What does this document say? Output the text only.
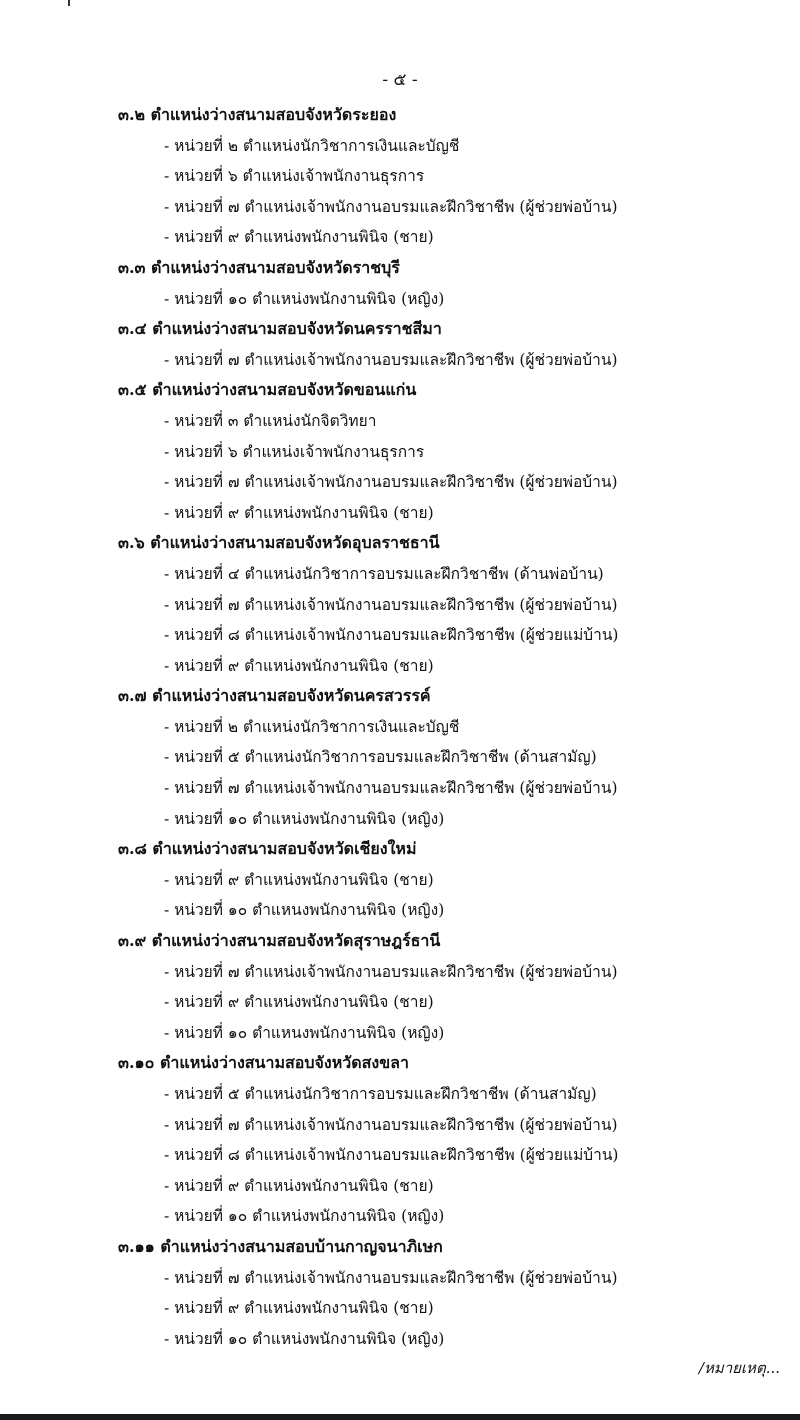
- ๕ -
๓.๒ ตำแหน่งว่างสนามสอบจังหวัดระยอง
- หน่วยที่ ๒ ตำแหน่งนักวิชาการเงินและบัญชี
- หน่วยที่ ๖ ตำแหน่งเจ้าพนักงานธุรการ
- หน่วยที่ ๗ ตำแหน่งเจ้าพนักงานอบรมและฝึกวิชาชีพ (ผู้ช่วยพ่อบ้าน)
- หน่วยที่ ๙ ตำแหน่งพนักงานพินิจ (ชาย)
๓.๓ ตำแหน่งว่างสนามสอบจังหวัดราชบุรี
- หน่วยที่ ๑๐ ตำแหน่งพนักงานพินิจ (หญิง)
๓.๔ ตำแหน่งว่างสนามสอบจังหวัดนครราชสีมา
- หน่วยที่ ๗ ตำแหน่งเจ้าพนักงานอบรมและฝึกวิชาชีพ (ผู้ช่วยพ่อบ้าน)
๓.๕ ตำแหน่งว่างสนามสอบจังหวัดขอนแก่น
- หน่วยที่ ๓ ตำแหน่งนักจิตวิทยา
- หน่วยที่ ๖ ตำแหน่งเจ้าพนักงานธุรการ
- หน่วยที่ ๗ ตำแหน่งเจ้าพนักงานอบรมและฝึกวิชาชีพ (ผู้ช่วยพ่อบ้าน)
- หน่วยที่ ๙ ตำแหน่งพนักงานพินิจ (ชาย)
๓.๖ ตำแหน่งว่างสนามสอบจังหวัดอุบลราชธานี
- หน่วยที่ ๔ ตำแหน่งนักวิชาการอบรมและฝึกวิชาชีพ (ด้านพ่อบ้าน)
- หน่วยที่ ๗ ตำแหน่งเจ้าพนักงานอบรมและฝึกวิชาชีพ (ผู้ช่วยพ่อบ้าน)
- หน่วยที่ ๘ ตำแหน่งเจ้าพนักงานอบรมและฝึกวิชาชีพ (ผู้ช่วยแม่บ้าน)
- หน่วยที่ ๙ ตำแหน่งพนักงานพินิจ (ชาย)
๓.๗ ตำแหน่งว่างสนามสอบจังหวัดนครสวรรค์
- หน่วยที่ ๒ ตำแหน่งนักวิชาการเงินและบัญชี
- หน่วยที่ ๕ ตำแหน่งนักวิชาการอบรมและฝึกวิชาชีพ (ด้านสามัญ)
- หน่วยที่ ๗ ตำแหน่งเจ้าพนักงานอบรมและฝึกวิชาชีพ (ผู้ช่วยพ่อบ้าน)
- หน่วยที่ ๑๐ ตำแหน่งพนักงานพินิจ (หญิง)
๓.๘ ตำแหน่งว่างสนามสอบจังหวัดเชียงใหม่
- หน่วยที่ ๙ ตำแหน่งพนักงานพินิจ (ชาย)
- หน่วยที่ ๑๐ ตำแหนงพนักงานพินิจ (หญิง)
๓.๙ ตำแหน่งว่างสนามสอบจังหวัดสุราษฎร์ธานี
- หน่วยที่ ๗ ตำแหน่งเจ้าพนักงานอบรมและฝึกวิชาชีพ (ผู้ช่วยพ่อบ้าน)
- หน่วยที่ ๙ ตำแหน่งพนักงานพินิจ (ชาย)
- หน่วยที่ ๑๐ ตำแหนงพนักงานพินิจ (หญิง)
๓.๑๐ ตำแหน่งว่างสนามสอบจังหวัดสงขลา
- หน่วยที่ ๕ ตำแหน่งนักวิชาการอบรมและฝึกวิชาชีพ (ด้านสามัญ)
- หน่วยที่ ๗ ตำแหน่งเจ้าพนักงานอบรมและฝึกวิชาชีพ (ผู้ช่วยพ่อบ้าน)
- หน่วยที่ ๘ ตำแหน่งเจ้าพนักงานอบรมและฝึกวิชาชีพ (ผู้ช่วยแม่บ้าน)
- หน่วยที่ ๙ ตำแหน่งพนักงานพินิจ (ชาย)
- หน่วยที่ ๑๐ ตำแหน่งพนักงานพินิจ (หญิง)
๓.๑๑ ตำแหน่งว่างสนามสอบบ้านกาญจนาภิเษก
- หน่วยที่ ๗ ตำแหน่งเจ้าพนักงานอบรมและฝึกวิชาชีพ (ผู้ช่วยพ่อบ้าน)
- หน่วยที่ ๙ ตำแหน่งพนักงานพินิจ (ชาย)
- หน่วยที่ ๑๐ ตำแหน่งพนักงานพินิจ (หญิง)
/หมายเหตุ...
